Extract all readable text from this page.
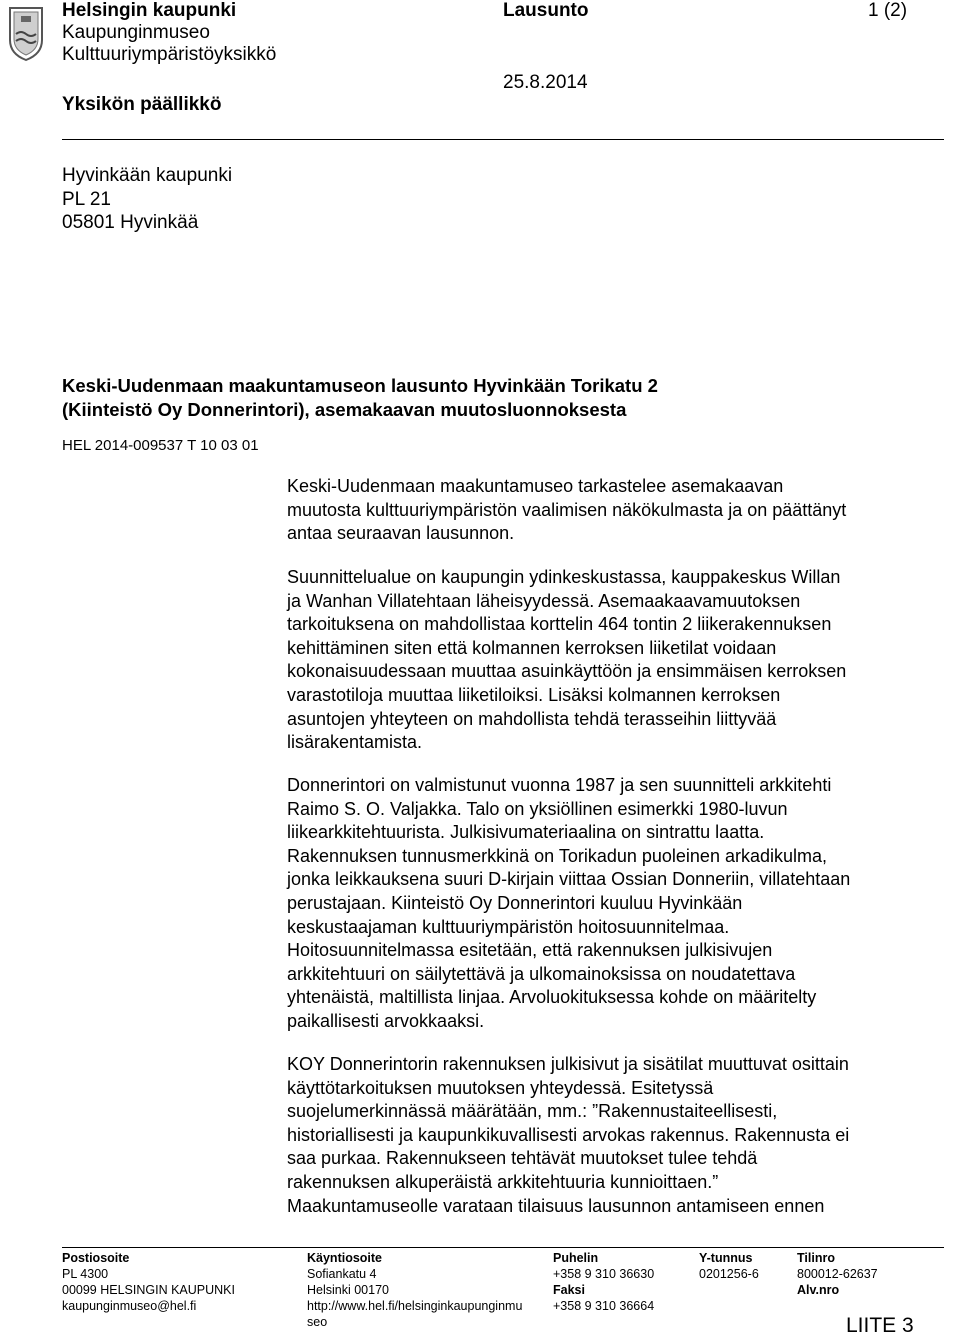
Helsingin kaupunki
Kaupunginmuseo
Kulttuuriympäristöyksikkö
Yksikön päällikkö
Lausunto	1 (2)
25.8.2014
Hyvinkään kaupunki
PL 21
05801 Hyvinkää
Keski-Uudenmaan maakuntamuseon lausunto Hyvinkään Torikatu 2
(Kiinteistö Oy Donnerintori), asemakaavan muutosluonnoksesta
HEL 2014-009537 T 10 03 01
Keski-Uudenmaan maakuntamuseo tarkastelee asemakaavan
muutosta kulttuuriympäristön vaalimisen näkökulmasta ja on päättänyt
antaa seuraavan lausunnon.
Suunnittelualue on kaupungin ydinkeskustassa, kauppakeskus Willan
ja Wanhan Villatehtaan läheisyydessä. Asemaakaavamuutoksen
tarkoituksena on mahdollistaa korttelin 464 tontin 2 liikerakennuksen
kehittäminen siten että kolmannen kerroksen liiketilat voidaan
kokonaisuudessaan muuttaa asuinkäyttöön ja ensimmäisen kerroksen
varastotiloja muuttaa liiketiloiksi. Lisäksi kolmannen kerroksen
asuntojen yhteyteen on mahdollista tehdä terasseihin liittyvää
lisärakentamista.
Donnerintori on valmistunut vuonna 1987 ja sen suunnitteli arkkitehti
Raimo S. O. Valjakka. Talo on yksiöllinen esimerkki 1980-luvun
liikearkkitehtuurista. Julkisivumateriaalina on sintrattu laatta.
Rakennuksen tunnusmerkkinä on Torikadun puoleinen arkadikulma,
jonka leikkauksena suuri D-kirjain viittaa Ossian Donneriin, villatehtaan
perustajaan. Kiinteistö Oy Donnerintori kuuluu Hyvinkään
keskustaajaman kulttuuriympäristön hoitosuunnitelmaa.
Hoitosuunnitelmassa esitetään, että rakennuksen julkisivujen
arkkitehtuuri on säilytettävä ja ulkomainoksissa on noudatettava
yhtenäistä, maltillista linjaa. Arvoluokituksessa kohde on määritelty
paikallisesti arvokkaaksi.
KOY Donnerintorin rakennuksen julkisivut ja sisätilat muuttuvat osittain
käyttötarkoituksen muutoksen yhteydessä. Esitetyssä
suojelumerkinnässä määrätään, mm.: ”Rakennustaiteellisesti,
historiallisesti ja kaupunkikuvallisesti arvokas rakennus. Rakennusta ei
saa purkaa. Rakennukseen tehtävät muutokset tulee tehdä
rakennuksen alkuperäistä arkkitehtuuria kunnioittaen.”
Maakuntamuseolle varataan tilaisuus lausunnon antamiseen ennen
Postiosoite
PL 4300
00099 HELSINGIN KAUPUNKI
kaupunginmuseo@hel.fi
Käyntiosoite
Sofiankatu 4
Helsinki 00170
http://www.hel.fi/helsinginkaupunginmu
seo
Puhelin
+358 9 310 36630
Faksi
+358 9 310 36664
Y-tunnus
0201256-6
Tilinro
800012-62637
Alv.nro
LIITE 3
